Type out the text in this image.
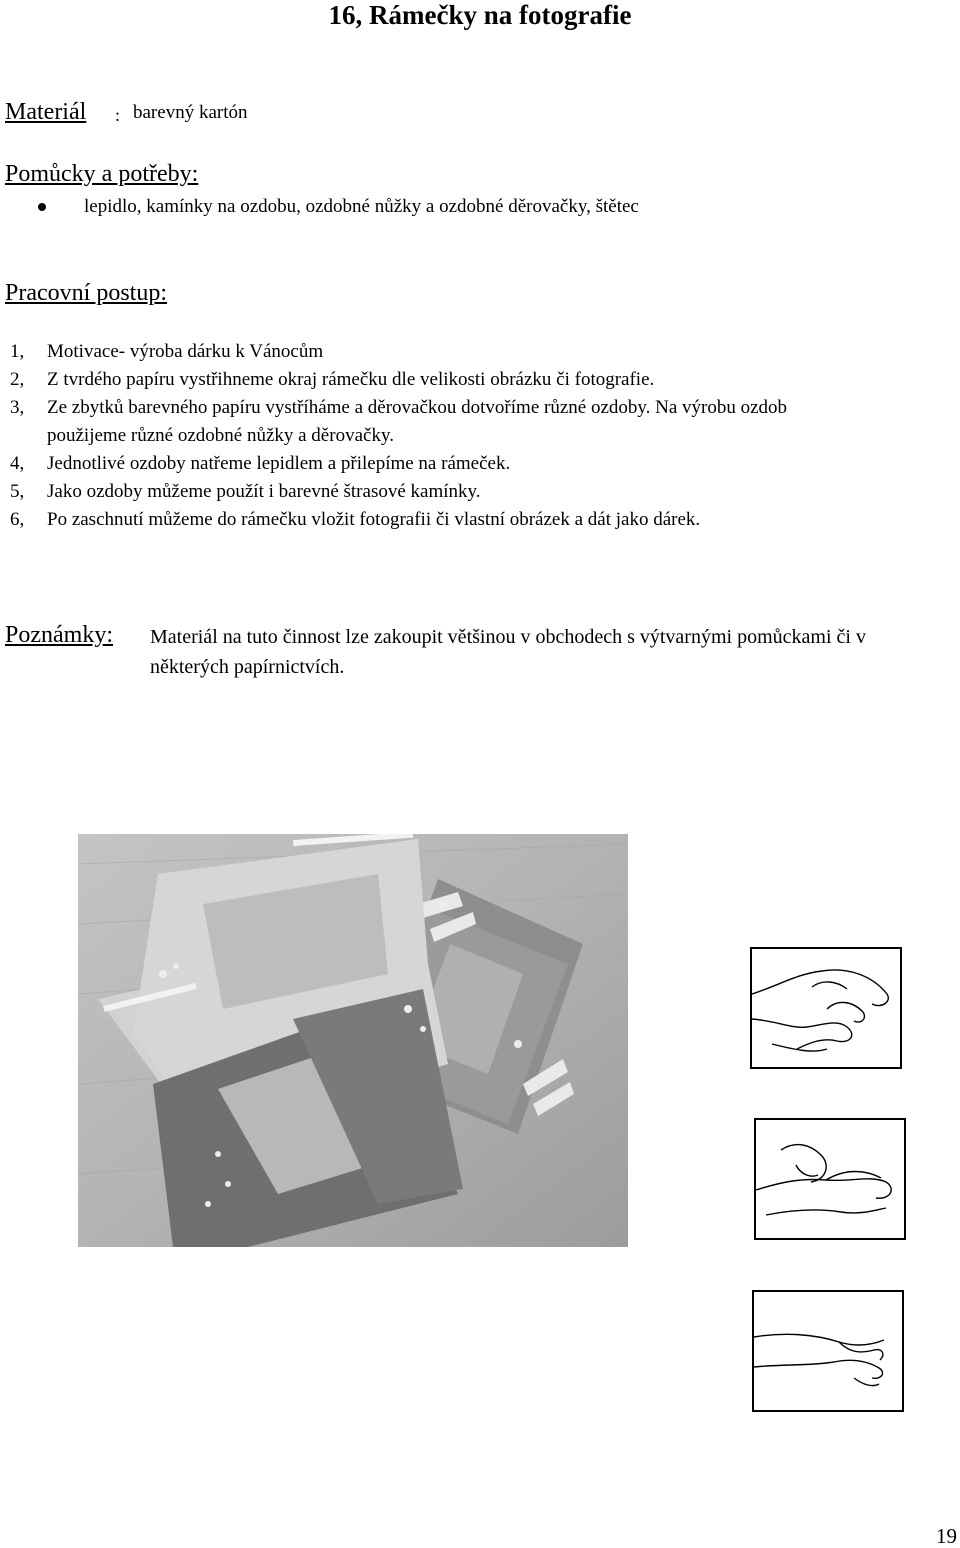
16, Rámečky na fotografie
Materiál : barevný kartón
Pomůcky a potřeby:
lepidlo, kamínky na ozdobu, ozdobné nůžky a ozdobné děrovačky, štětec
Pracovní postup:
1, Motivace- výroba dárku k Vánocům
2, Z tvrdého papíru vystřihneme okraj rámečku dle velikosti obrázku či fotografie.
3, Ze zbytků barevného papíru vystříháme a děrovačkou dotvoříme různé ozdoby. Na výrobu ozdob použijeme různé ozdobné nůžky a děrovačky.
4, Jednotlivé ozdoby natřeme lepidlem a přilepíme na rámeček.
5, Jako ozdoby můžeme použít i barevné štrasové kamínky.
6, Po zaschnutí můžeme do rámečku vložit fotografii či vlastní obrázek a dát jako dárek.
Poznámky: Materiál na tuto činnost lze zakoupit většinou v obchodech s výtvarnými pomůckami či v některých papírnictvích.
19
